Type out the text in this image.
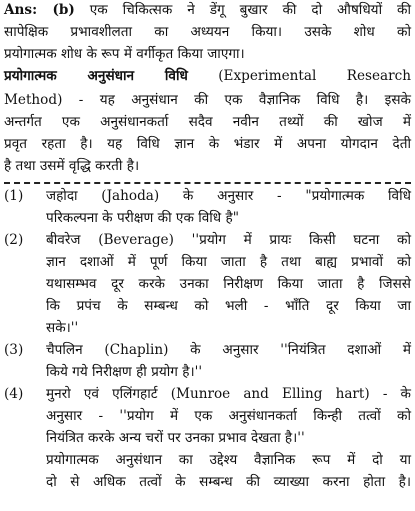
Ans: (b) एक चिकित्सक ने डेंगू बुखार की दो औषधियों की
सापेक्षिक प्रभावशीलता का अध्ययन किया। उसके शोध को
प्रयोगात्मक शोध के रूप में वर्गीकृत किया जाएगा।
प्रयोगात्मक अनुसंधान विधि (Experimental Research
Method) - यह अनुसंधान की एक वैज्ञानिक विधि है। इसके
अन्तर्गत एक अनुसंधानकर्ता सदैव नवीन तथ्यों की खोज में
प्रवृत रहता है। यह विधि ज्ञान के भंडार में अपना योगदान देती
है तथा उसमें वृद्धि करती है।
(1) जहोदा (Jahoda) के अनुसार - "प्रयोगात्मक विधि
परिकल्पना के परीक्षण की एक विधि है"
(2) बीवरेज (Beverage) ''प्रयोग में प्रायः किसी घटना को
ज्ञान दशाओं में पूर्ण किया जाता है तथा बाह्य प्रभावों को
यथासम्भव दूर करके उनका निरीक्षण किया जाता है जिससे
कि प्रपंच के सम्बन्ध को भली - भाँति दूर किया जा
सके।''
(3) चैपलिन (Chaplin) के अनुसार ''नियंत्रित दशाओं में
किये गये निरीक्षण ही प्रयोग है।''
(4) मुनरो एवं एलिंगहार्ट (Munroe and Elling hart) - के
अनुसार - ''प्रयोग में एक अनुसंधानकर्ता किन्ही तत्वों को
नियंत्रित करके अन्य चरों पर उनका प्रभाव देखता है।''
प्रयोगात्मक अनुसंधान का उद्देश्य वैज्ञानिक रूप में दो या
दो से अधिक तत्वों के सम्बन्ध की व्याख्या करना होता है।
